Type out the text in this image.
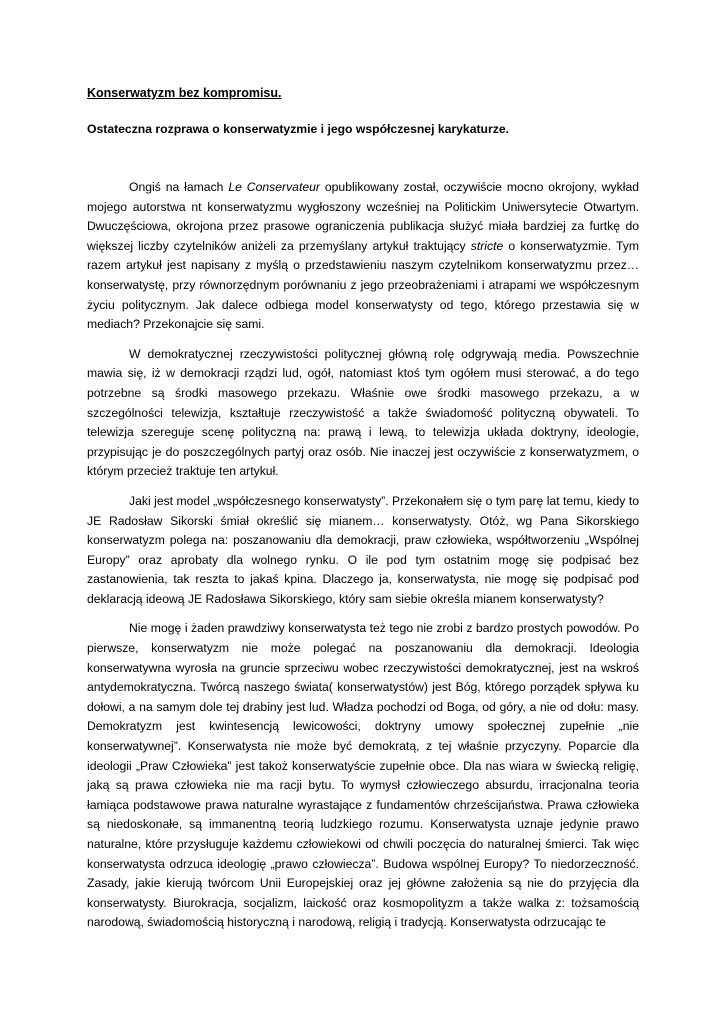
Konserwatyzm bez kompromisu.
Ostateczna rozprawa o konserwatyzmie i jego współczesnej karykaturze.

Ongiś na łamach Le Conservateur opublikowany został, oczywiście mocno okrojony, wykład mojego autorstwa nt konserwatyzmu wygłoszony wcześniej na Politickim Uniwersytecie Otwartym. Dwuczęściowa, okrojona przez prasowe ograniczenia publikacja służyć miała bardziej za furtkę do większej liczby czytelników aniżeli za przemyślany artykuł traktujący stricte o konserwatyzmie. Tym razem artykuł jest napisany z myślą o przedstawieniu naszym czytelnikom konserwatyzmu przez… konserwatystę, przy równorzędnym porównaniu z jego przeobrażeniami i atrapami we współczesnym życiu politycznym. Jak dalece odbiega model konserwatysty od tego, którego przestawia się w mediach? Przekonajcie się sami.

W demokratycznej rzeczywistości politycznej główną rolę odgrywają media. Powszechnie mawia się, iż w demokracji rządzi lud, ogół, natomiast ktoś tym ogółem musi sterować, a do tego potrzebne są środki masowego przekazu. Właśnie owe środki masowego przekazu, a w szczególności telewizja, kształtuje rzeczywistość a także świadomość polityczną obywateli. To telewizja szereguje scenę polityczną na: prawą i lewą, to telewizja układa doktryny, ideologie, przypisując je do poszczególnych partyj oraz osób. Nie inaczej jest oczywiście z konserwatyzmem, o którym przecież traktuje ten artykuł.

Jaki jest model „współczesnego konserwatysty”. Przekonałem się o tym parę lat temu, kiedy to JE Radosław Sikorski śmiał określić się mianem… konserwatysty. Otóż, wg Pana Sikorskiego konserwatyzm polega na: poszanowaniu dla demokracji, praw człowieka, współtworzeniu „Wspólnej Europy” oraz aprobaty dla wolnego rynku. O ile pod tym ostatnim mogę się podpisać bez zastanowienia, tak reszta to jakaś kpina. Dlaczego ja, konserwatysta, nie mogę się podpisać pod deklaracją ideową JE Radosława Sikorskiego, który sam siebie określa mianem konserwatysty?

Nie mogę i żaden prawdziwy konserwatysta też tego nie zrobi z bardzo prostych powodów. Po pierwsze, konserwatyzm nie może polegać na poszanowaniu dla demokracji. Ideologia konserwatywna wyrosła na gruncie sprzeciwu wobec rzeczywistości demokratycznej, jest na wskroś antydemokratyczna. Twórcą naszego świata( konserwatystów) jest Bóg, którego porządek spływa ku dołowi, a na samym dole tej drabiny jest lud. Władza pochodzi od Boga, od góry, a nie od dołu: masy. Demokratyzm jest kwintesencją lewicowości, doktryny umowy społecznej zupełnie „nie konserwatywnej”. Konserwatysta nie może być demokratą, z tej właśnie przyczyny. Poparcie dla ideologii „Praw Człowieka” jest takoż konserwatyście zupełnie obce. Dla nas wiara w świecką religię, jaką są prawa człowieka nie ma racji bytu. To wymysł człowieczego absurdu, irracjonalna teoria łamiąca podstawowe prawa naturalne wyrastające z fundamentów chrześcijaństwa. Prawa człowieka są niedoskonałe, są immanentną teorią ludzkiego rozumu. Konserwatysta uznaje jedynie prawo naturalne, które przysługuje każdemu człowiekowi od chwili poczęcia do naturalnej śmierci. Tak więc konserwatysta odrzuca ideologię „prawo człowiecza”. Budowa wspólnej Europy? To niedorzeczność. Zasady, jakie kierują twórcom Unii Europejskiej oraz jej główne założenia są nie do przyjęcia dla konserwatysty. Biurokracja, socjalizm, laickość oraz kosmopolityzm a także walka z: tożsamością narodową, świadomością historyczną i narodową, religią i tradycją. Konserwatysta odrzucając te
